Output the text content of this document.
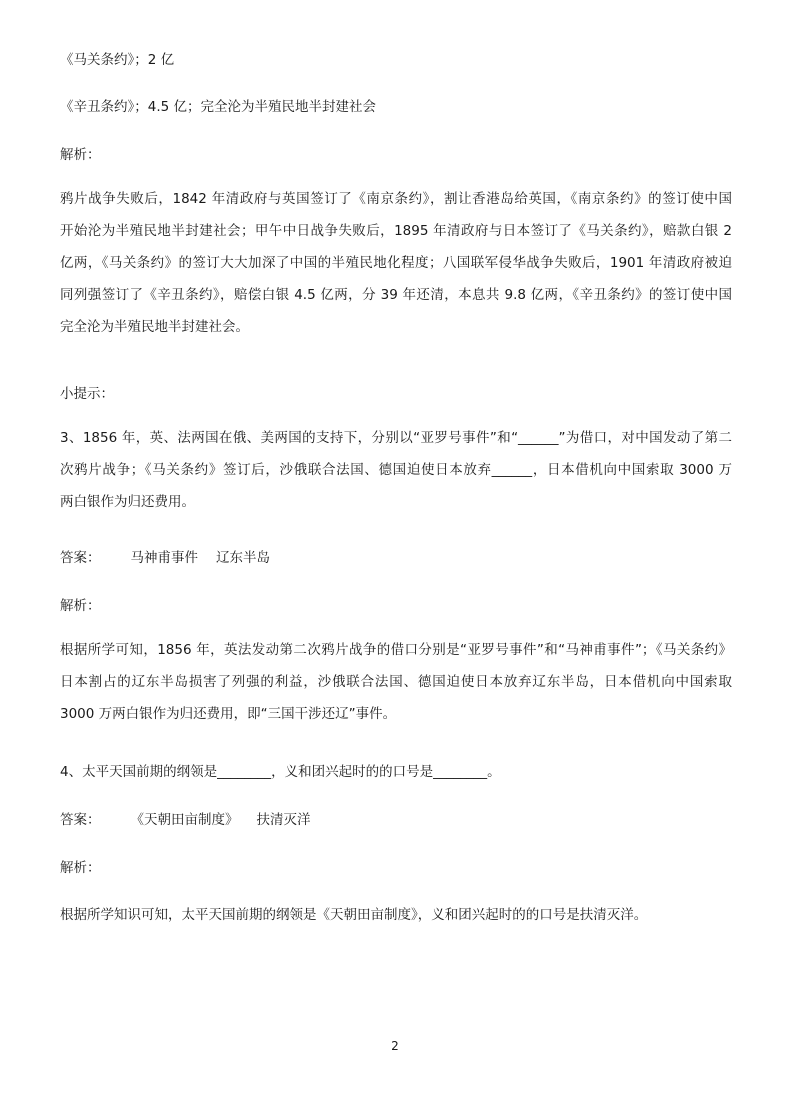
《马关条约》；2 亿
《辛丑条约》；4.5 亿；完全沦为半殖民地半封建社会
解析：
鸦片战争失败后，1842 年清政府与英国签订了《南京条约》，割让香港岛给英国，《南京条约》的签订使中国
开始沦为半殖民地半封建社会；甲午中日战争失败后，1895 年清政府与日本签订了《马关条约》，赔款白银 2
亿两，《马关条约》的签订大大加深了中国的半殖民地化程度；八国联军侵华战争失败后，1901 年清政府被迫
同列强签订了《辛丑条约》，赔偿白银 4.5 亿两，分 39 年还清，本息共 9.8 亿两，《辛丑条约》的签订使中国
完全沦为半殖民地半封建社会。
小提示：
3、1856 年，英、法两国在俄、美两国的支持下，分别以“亚罗号事件”和“______”为借口，对中国发动了第二
次鸦片战争；《马关条约》签订后，沙俄联合法国、德国迫使日本放弃______，日本借机向中国索取 3000 万
两白银作为归还费用。
答案： 马神甫事件 辽东半岛
解析：
根据所学可知，1856 年，英法发动第二次鸦片战争的借口分别是“亚罗号事件”和“马神甫事件”；《马关条约》
日本割占的辽东半岛损害了列强的利益，沙俄联合法国、德国迫使日本放弃辽东半岛，日本借机向中国索取
3000 万两白银作为归还费用，即“三国干涉还辽”事件。
4、太平天国前期的纲领是________，义和团兴起时的的口号是________。
答案： 《天朝田亩制度》 扶清灭洋
解析：
根据所学知识可知，太平天国前期的纲领是《天朝田亩制度》，义和团兴起时的的口号是扶清灭洋。
2
